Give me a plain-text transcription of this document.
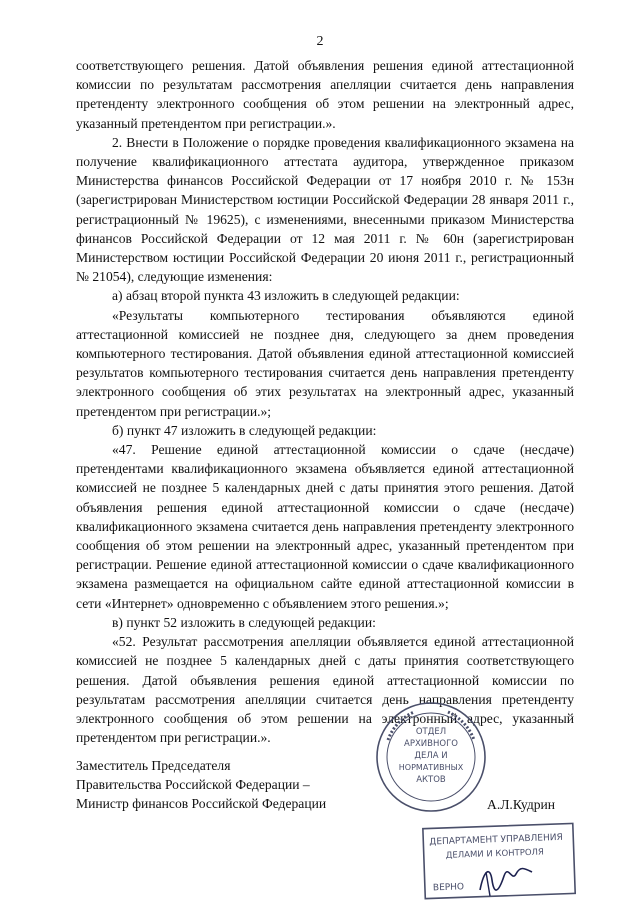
2

соответствующего решения. Датой объявления решения единой аттестационной комиссии по результатам рассмотрения апелляции считается день направления претенденту электронного сообщения об этом решении на электронный адрес, указанный претендентом при регистрации.».

2. Внести в Положение о порядке проведения квалификационного экзамена на получение квалификационного аттестата аудитора, утвержденное приказом Министерства финансов Российской Федерации от 17 ноября 2010 г. № 153н (зарегистрирован Министерством юстиции Российской Федерации 28 января 2011 г., регистрационный № 19625), с изменениями, внесенными приказом Министерства финансов Российской Федерации от 12 мая 2011 г. № 60н (зарегистрирован Министерством юстиции Российской Федерации 20 июня 2011 г., регистрационный № 21054), следующие изменения:

а) абзац второй пункта 43 изложить в следующей редакции:

«Результаты компьютерного тестирования объявляются единой аттестационной комиссией не позднее дня, следующего за днем проведения компьютерного тестирования. Датой объявления единой аттестационной комиссией результатов компьютерного тестирования считается день направления претенденту электронного сообщения об этих результатах на электронный адрес, указанный претендентом при регистрации.»;

б) пункт 47 изложить в следующей редакции:

«47. Решение единой аттестационной комиссии о сдаче (несдаче) претендентами квалификационного экзамена объявляется единой аттестационной комиссией не позднее 5 календарных дней с даты принятия этого решения. Датой объявления решения единой аттестационной комиссии о сдаче (несдаче) квалификационного экзамена считается день направления претенденту электронного сообщения об этом решении на электронный адрес, указанный претендентом при регистрации. Решение единой аттестационной комиссии о сдаче квалификационного экзамена размещается на официальном сайте единой аттестационной комиссии в сети «Интернет» одновременно с объявлением этого решения.»;

в) пункт 52 изложить в следующей редакции:

«52. Результат рассмотрения апелляции объявляется единой аттестационной комиссией не позднее 5 календарных дней с даты принятия соответствующего решения. Датой объявления решения единой аттестационной комиссии по результатам рассмотрения апелляции считается день направления претенденту электронного сообщения об этом решении на электронный адрес, указанный претендентом при регистрации.».

Заместитель Председателя
Правительства Российской Федерации –
Министр финансов Российской Федерации	А.Л.Кудрин
ОТДЕЛ
АРХИВНОГО
ДЕЛА И
НОРМАТИВНЫХ
АКТОВ
ДЕПАРТАМЕНТ УПРАВЛЕНИЯ
ДЕЛАМИ И КОНТРОЛЯ
ВЕРНО
